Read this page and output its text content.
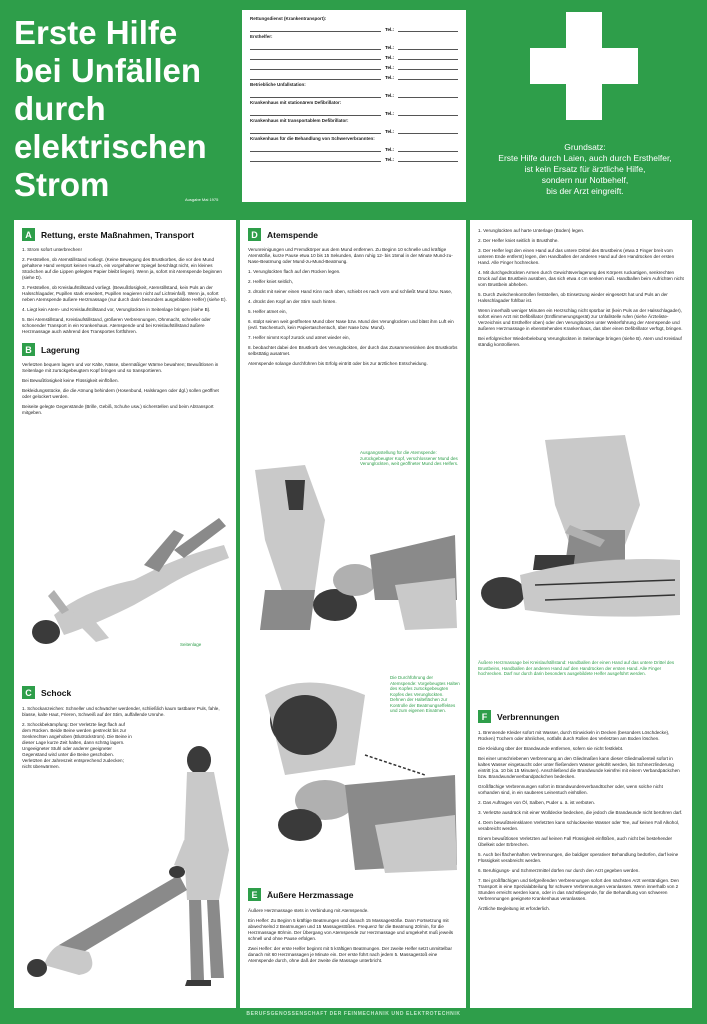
Erste Hilfe
bei Unfällen
durch
elektrischen
Strom	Ausgabe Mai 1975
Rettungsdienst (Krankentransport):
Tel.:
Ersthelfer:
Tel.:
Tel.:
Tel.:
Tel.:
Betriebliche Unfallstation:
Tel.:
Krankenhaus mit stationärem Defibrillator:
Tel.:
Krankenhaus mit transportablem Defibrillator:
Tel.:
Krankenhaus für die Behandlung von Schwerverbrannten:
Tel.:
Tel.:
Grundsatz:
Erste Hilfe durch Laien, auch durch Ersthelfer,
ist kein Ersatz für ärztliche Hilfe,
sondern nur Notbehelf,
bis der Arzt eingreift.
A	Rettung, erste Maßnahmen, Transport

1. Strom sofort unterbrechen!

2. Feststellen, ob Atemstillstand vorliegt. (Keine Bewegung des Brustkorbes, die vor den Mund gehaltene Hand verspürt keinen Hauch, ein vorgehaltener Spiegel beschlägt nicht, ein kleines Stückchen auf die Lippen gelegtes Papier bleibt liegen). Wenn ja, sofort mit Atemspende beginnen (siehe D).

3. Feststellen, ob Kreislaufstillstand vorliegt. (Bewußtlosigkeit, Atemstillstand, kein Puls an der Halsschlagader, Pupillen stark erweitert, Pupillen reagieren nicht auf Lichteinfall). Wenn ja, sofort neben Atemspende äußere Herzmassage (nur durch darin besonders ausgebildete Helfer) (siehe E).

4. Liegt kein Atem- und Kreislaufstillstand vor, Verunglückten in Seitenlage bringen (siehe B).

5. Bei Atemstillstand, Kreislaufstillstand, größeren Verbrennungen, Ohnmacht, schneller oder schonender Transport in ein Krankenhaus. Atemspende und bei Kreislaufstillstand äußere Herzmassage auch während des Transportes fortführen.

B	Lagerung

Verletzten bequem lagern und vor Kälte, Nässe, übermäßiger Wärme bewahren; Bewußtlosen in Seitenlage mit zurückgebeugtem Kopf bringen und so transportieren.

Bei Bewußtlosigkeit keine Flüssigkeit einflößen.

Bekleidungsstücke, die die Atmung behindern (Hosenbund, Halskragen oder dgl.) sollen geöffnet oder gelockert werden.

Beiseite gelegte Gegenstände (Brille, Gebiß, Schuhe usw.) sicherstellen und beim Abtransport mitgeben.

Seitenlage
C	Schock

1. Schockanzeichen: Schneller und schwächer werdender, schließlich kaum tastbarer Puls, fahle, blasse, kalte Haut, Frieren, Schweiß auf der Stirn, auffallende Unruhe.

2. Schockbekämpfung: Der Verletzte liegt flach auf dem Rücken. Beide Beine werden gestreckt bis zur Senkrechten angehoben (Blutrückstrom). Die Beine in dieser Lage kurze Zeit halten, dann schräg lagern. Ungeeigneter Stuhl oder anderer geeigneter Gegenstand wird unter die Beine geschoben. Verletzten der Jahreszeit entsprechend zudecken; nicht überwärmen.

D	Atemspende

Verunreinigungen und Fremdkörper aus dem Mund entfernen. Zu Beginn 10 schnelle und kräftige Atemstöße, kurze Pause etwa 10 bis 15 Sekunden, dann ruhig 12- bis 15mal in der Minute Mund-zu-Nase-Beatmung oder Mund-zu-Mund-Beatmung.

1. Verunglückten flach auf den Rücken legen.

2. Helfer kniet seitlich,

3. drückt mit seiner einen Hand Kinn nach oben, schiebt es nach vorn und schließt Mund bzw. Nase,

4. drückt den Kopf an der Stirn nach hinten.

5. Helfer atmet ein,

6. stülpt seinen weit geöffneten Mund über Nase bzw. Mund des Verunglückten und bläst ihm Luft ein (evtl. Taschentuch, kein Papiertaschentuch, über Nase bzw. Mund).

7. Helfer nimmt Kopf zurück und atmet wieder ein,

8. beobachtet dabei den Brustkorb des Verunglückten, der durch das Zusammensinken des Brustkorbs selbsttätig ausatmet.

Atemspende solange durchführen bis Erfolg eintritt oder bis zur ärztlichen Entscheidung.

Ausgangsstellung für die Atemspende: zurückgebeugter Kopf, verschlossener Mund des Verunglückten, weit geöffneter Mund des Helfers.
Die Durchführung der Atemspende: Vorgebeugtes Halten des Kopfes zurückgebeugten Kopfes des Verunglückten. Dehnen der Halteflächen zur Kontrolle der Beatmungseffektes und zum eigenen Einatmen.
E	Äußere Herzmassage

Äußere Herzmassage stets in Verbindung mit Atemspende.

Ein Helfer: Zu Beginn 5 kräftige Beatmungen und danach 15 Massagestöße. Dann Fortsetzung mit abwechselnd 2 Beatmungen und 15 Massagestößen. Frequenz für die Beatmung 20/min, für die Herzmassage 80/min. Der Übergang von Atemspende zur Herzmassage und umgekehrt muß jeweils schnell und ohne Pause erfolgen.

Zwei Helfer: der erste Helfer beginnt mit 5 kräftigen Beatmungen. Der zweite Helfer setzt unmittelbar danach mit 60 Herzmassagen je Minute ein. Der erste führt nach jedem 5. Massagestoß eine Atemspende durch, ohne daß der zweite die Massage unterbricht.

1. Verunglückten auf harte Unterlage (Boden) legen.

2. Der Helfer kniet seitlich in Brusthöhe.

3. Der Helfer legt den einen Hand auf das untere Drittel des Brustbeins (etwa 3 Finger breit vom unteren Ende entfernt) legen, den Handballen der anderen Hand auf den Handrücken der ersten Hand. Alle Finger hochrecken.

4. Mit durchgedrückten Armen durch Gewichtsverlagerung des Körpers ruckartigen, senkrechten Druck auf das Brustbein ausüben, das sich etwa 4 cm senken muß. Handballen beim Aufrichten nicht vom Brustbein abheben.

5. Durch Zwischenkontrollen feststellen, ob Einsetzung wieder eingesetzt hat und Puls an der Halsschlagader fühlbar ist.

Wenn innerhalb weniger Minuten ein Herzschlag nicht spürbar ist (kein Puls an der Halsschlagader), sofort einen Arzt mit Defibrillator (Entflimmerungsgerät) zur Unfallstelle rufen (siehe Ärzteliste-Verzeichnis und Ersthelfer oben) oder den Verunglückten unter Weiterführung der Atemspende und äußeren Herzmassage in ebenstehendes Krankenhaus, das über einen Defibrillator verfügt, bringen.

Bei erfolgreicher Wiederbelebung Verunglückten in Seitenlage bringen (siehe B). Atem und Kreislauf ständig kontrollieren.

Äußere Herzmassage bei Kreislaufstillstand: Handballen der einen Hand auf das untere Drittel des Brustbeins, Handballen der anderen Hand auf den Handrücken der ersten Hand. Alle Finger hochrecken. Darf nur durch darin besonders ausgebildete Helfer ausgeführt werden.
F	Verbrennungen

1. Brennende Kleider sofort mit Wasser, durch Einwickeln in Decken (besonders Löschdecke), Rücken) Tüchern oder ähnliches, notfalls durch Rollen des Verletzten am Boden löschen.

Die Kleidung über der Brandwunde entfernen, sofern sie nicht festklebt.

Bei einer umschriebenen Verbrennung an den Gliedmaßen kann dieser Gliedmaßenteil sofort in kaltes Wasser eingetaucht oder unter fließendem Wasser gekühlt werden, bis Schmerzlinderung eintritt (ca. 10 bis 15 Minuten). Anschließend die Brandwunde keimfrei mit einem Verbandpäckchen bzw. Brandwundenverbandpäckchen bedecken.

Großflächige Verbrennungen sofort in Brandwundenverbandtücher oder, wenn solche nicht vorhanden sind, in ein sauberes Leinentuch einhüllen.

2. Das Auftragen von Öl, Salben, Puder u. ä. ist verboten.

3. Verletzte ausdrück mit einer Wolldecke bedecken, die jedoch die Brandwunde nicht berühren darf.

4. Dem bewußtseinsklaren Verletzten kann schluckweise Wasser oder Tee, auf keinen Fall Alkohol, verabreicht werden.

Einem bewußtlosen Verletzten auf keinen Fall Flüssigkeit einflößen, auch nicht bei bestehender Übelkeit oder Erbrechen.

5. Auch bei flächenhaften Verbrennungen, die baldiger operativer Behandlung bedürfen, darf keine Flüssigkeit verabreicht werden.

6. Beruhigungs- und Schmerzmittel dürfen nur durch den Arzt gegeben werden.

7. Bei großflächigen und tiefgreifenden Verbrennungen sofort den nächsten Arzt verständigen. Den Transport in eine Spezialabteilung für schwere Verbrennungen veranlassen. Wenn innerhalb von 2 Stunden erreicht werden kann, oder in das nächstliegende, für die Behandlung von schweren Verbrennungen geeignete Krankenhaus veranlassen.

Ärztliche Begleitung ist erforderlich.

BERUFSGENOSSENSCHAFT DER FEINMECHANIK UND ELEKTROTECHNIK
